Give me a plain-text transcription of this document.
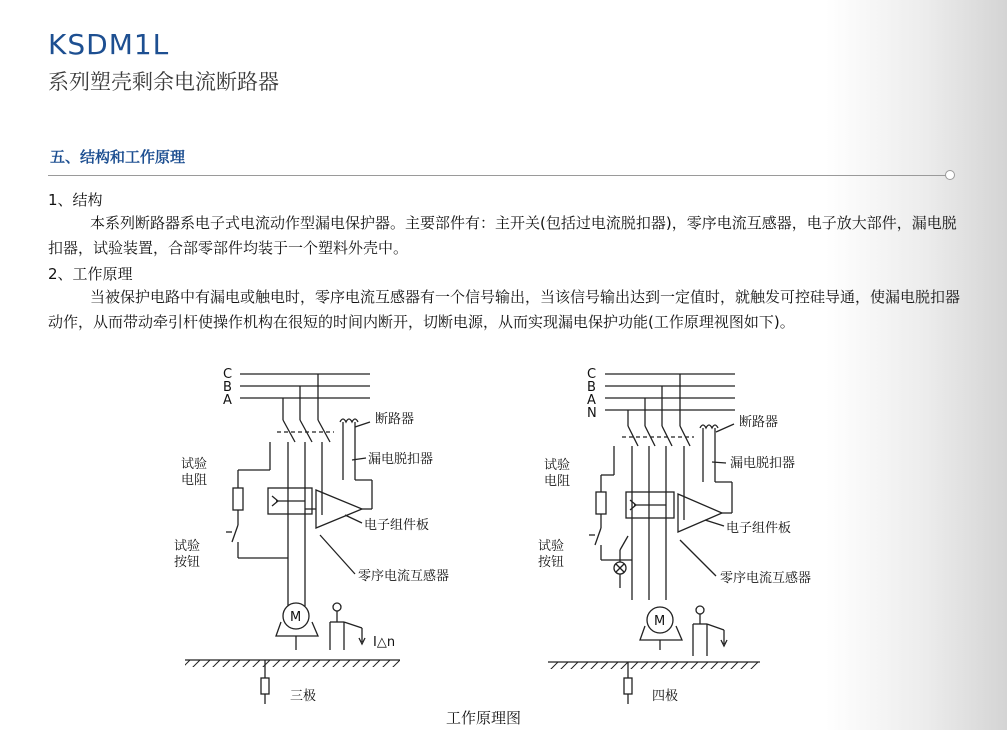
KSDM1L
系列塑壳剩余电流断路器
五、结构和工作原理
1、结构
本系列断路器系电子式电流动作型漏电保护器。主要部件有：主开关(包括过电流脱扣器)，零序电流互感器，电子放大部件，漏电脱扣器，试验装置，合部零部件均装于一个塑料外壳中。
2、工作原理
当被保护电路中有漏电或触电时，零序电流互感器有一个信号输出，当该信号输出达到一定值时，就触发可控硅导通，使漏电脱扣器动作，从而带动牵引杆使操作机构在很短的时间内断开，切断电源，从而实现漏电保护功能(工作原理视图如下)。
C
B
A
断路器
漏电脱扣器
电子组件板
零序电流互感器
试验
电阻
试验
按钮
M
I△n
三极
C
B
A
N
断路器
漏电脱扣器
电子组件板
零序电流互感器
试验
电阻
试验
按钮
M
四极
工作原理图
